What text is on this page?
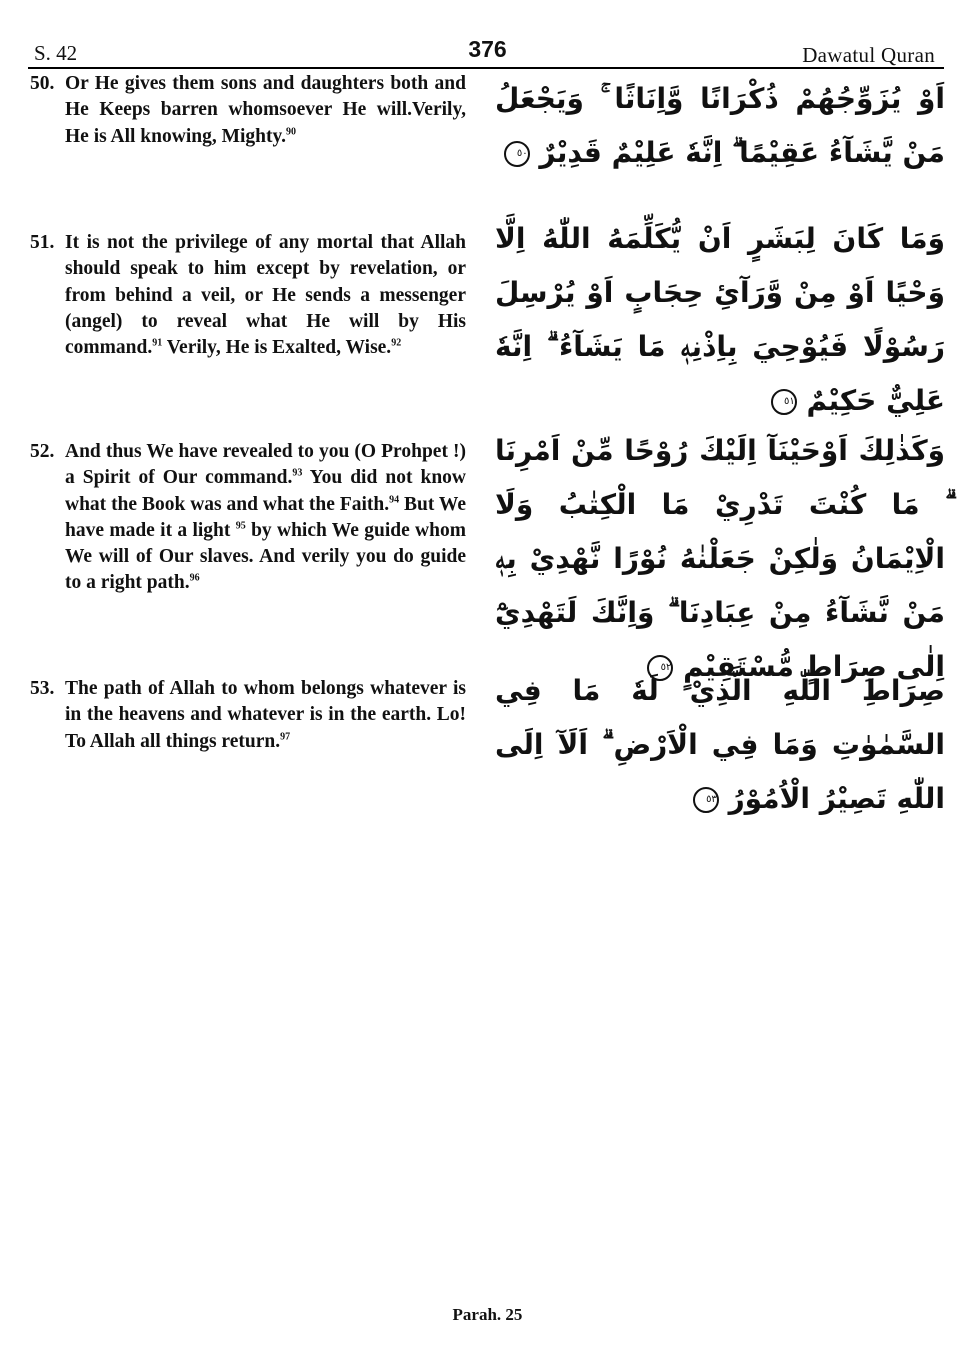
S. 42	376	Dawatul Quran
50. Or He gives them sons and daughters both and He Keeps barren whomsoever He will.Verily, He is All knowing, Mighty.$^{90}$
اَوْ يُزَوِّجُهُمْ ذُكْرَانًا وَّاِنَاثًا ۚ وَيَجْعَلُ مَنْ يَّشَآءُ عَقِيْمًا ۗ اِنَّهٗ عَلِيْمٌ قَدِيْرٌ ٥٠
51. It is not the privilege of any mortal that Allah should speak to him except by revelation, or from behind a veil, or He sends a messenger (angel) to reveal what He will by His command.$^{91}$ Verily, He is Exalted, Wise.$^{92}$
وَمَا كَانَ لِبَشَرٍ اَنْ يُّكَلِّمَهُ اللّٰهُ اِلَّا وَحْيًا اَوْ مِنْ وَّرَآئِ حِجَابٍ اَوْ يُرْسِلَ رَسُوْلًا فَيُوْحِيَ بِاِذْنِهٖ مَا يَشَآءُ ۗ اِنَّهٗ عَلِيٌّ حَكِيْمٌ ٥١
52. And thus We have revealed to you (O Prohpet !) a Spirit of Our command.$^{93}$ You did not know what the Book was and what the Faith.$^{94}$ But We have made it a light $^{95}$ by which We guide whom We will of Our slaves. And verily you do guide to a right path.$^{96}$
وَكَذٰلِكَ اَوْحَيْنَآ اِلَيْكَ رُوْحًا مِّنْ اَمْرِنَا ۗ مَا كُنْتَ تَدْرِيْ مَا الْكِتٰبُ وَلَا الْاِيْمَانُ وَلٰكِنْ جَعَلْنٰهُ نُوْرًا نَّهْدِيْ بِهٖ مَنْ نَّشَآءُ مِنْ عِبَادِنَا ۗ وَاِنَّكَ لَتَهْدِيْٓ اِلٰى صِرَاطٍ مُّسْتَقِيْمٍ ٥٢
53. The path of Allah to whom belongs whatever is in the heavens and whatever is in the earth. Lo! To Allah all things return.$^{97}$
صِرَاطِ اللّٰهِ الَّذِيْ لَهٗ مَا فِي السَّمٰوٰتِ وَمَا فِي الْاَرْضِ ۗ اَلَآ اِلَى اللّٰهِ تَصِيْرُ الْاُمُوْرُ ٥٣
Parah. 25
